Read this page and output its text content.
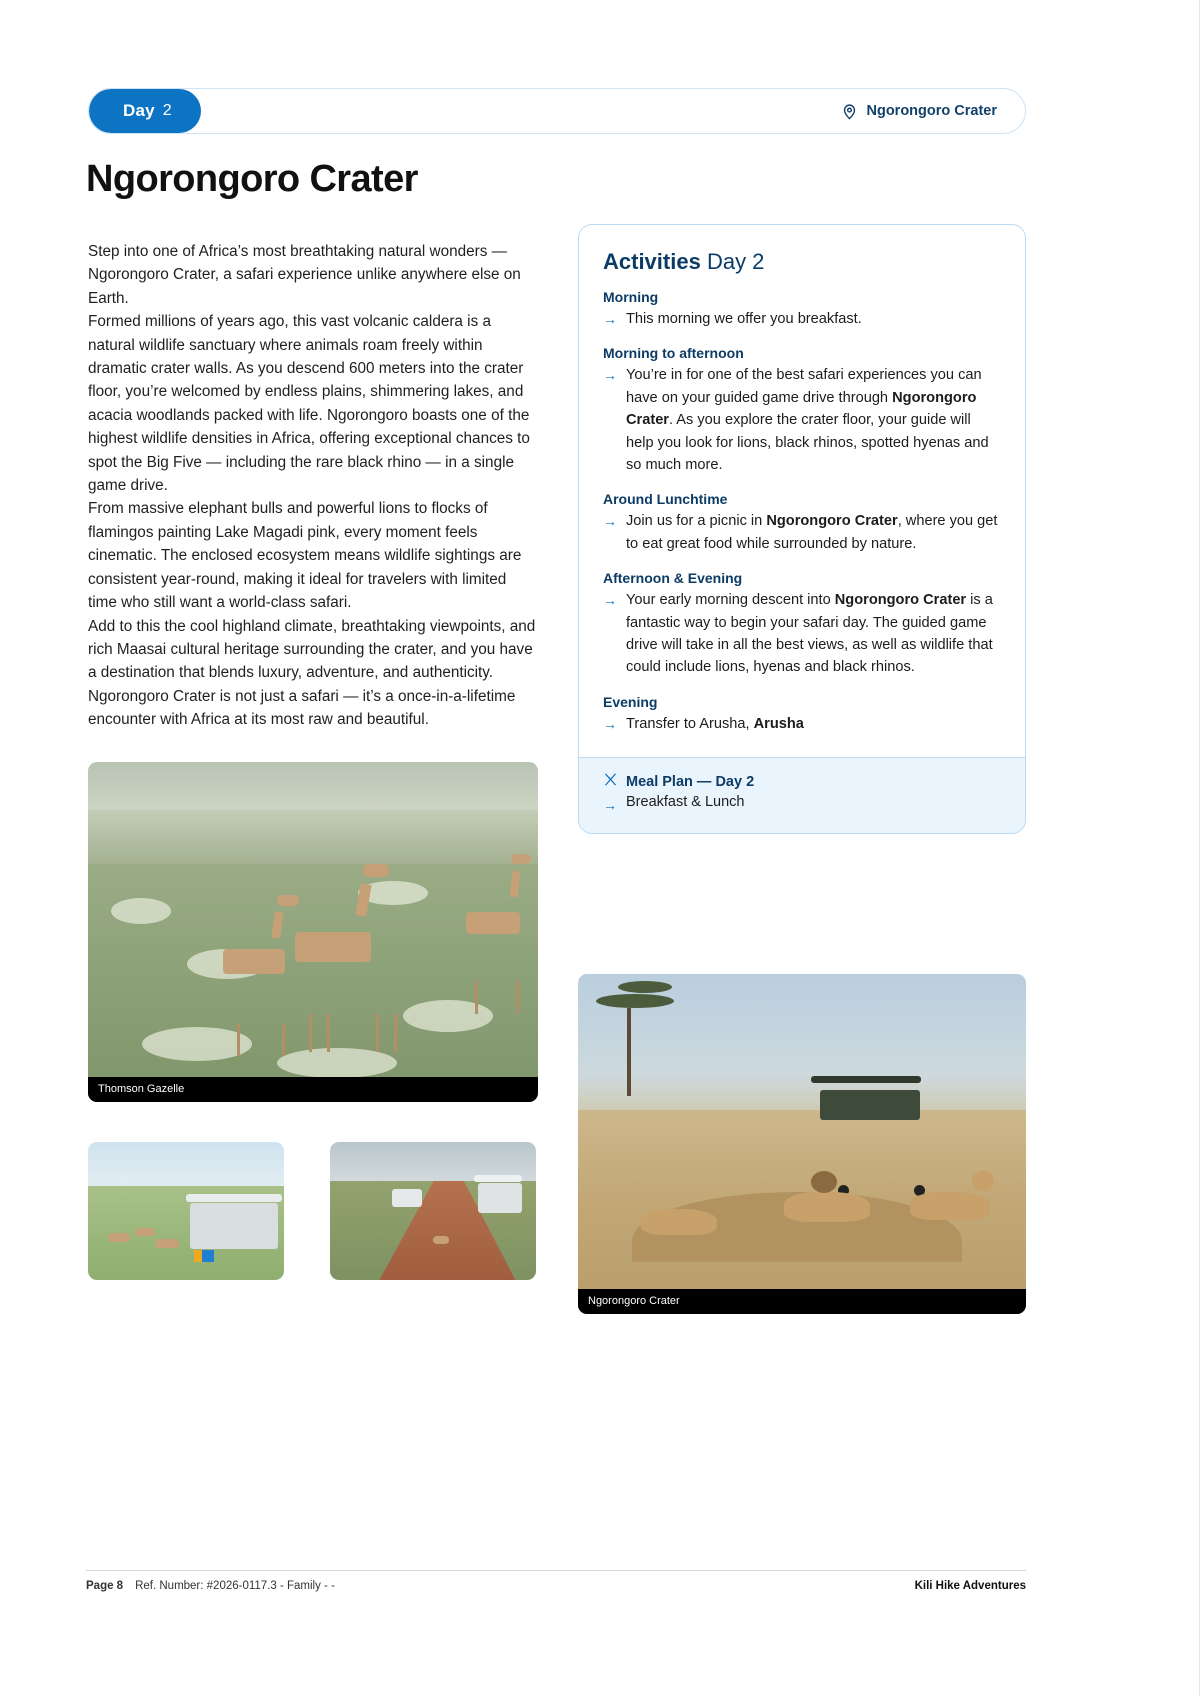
Day 2	Ngorongoro Crater
Ngorongoro Crater

Step into one of Africa’s most breathtaking natural wonders — Ngorongoro Crater, a safari experience unlike anywhere else on Earth.

Formed millions of years ago, this vast volcanic caldera is a natural wildlife sanctuary where animals roam freely within dramatic crater walls. As you descend 600 meters into the crater floor, you’re welcomed by endless plains, shimmering lakes, and acacia woodlands packed with life. Ngorongoro boasts one of the highest wildlife densities in Africa, offering exceptional chances to spot the Big Five — including the rare black rhino — in a single game drive.

From massive elephant bulls and powerful lions to flocks of flamingos painting Lake Magadi pink, every moment feels cinematic. The enclosed ecosystem means wildlife sightings are consistent year-round, making it ideal for travelers with limited time who still want a world-class safari.

Add to this the cool highland climate, breathtaking viewpoints, and rich Maasai cultural heritage surrounding the crater, and you have a destination that blends luxury, adventure, and authenticity. Ngorongoro Crater is not just a safari — it’s a once-in-a-lifetime encounter with Africa at its most raw and beautiful.

Activities Day 2
Morning
→ This morning we offer you breakfast.
Morning to afternoon
→ You’re in for one of the best safari experiences you can have on your guided game drive through Ngorongoro Crater. As you explore the crater floor, your guide will help you look for lions, black rhinos, spotted hyenas and so much more.
Around Lunchtime
→ Join us for a picnic in Ngorongoro Crater, where you get to eat great food while surrounded by nature.
Afternoon & Evening
→ Your early morning descent into Ngorongoro Crater is a fantastic way to begin your safari day. The guided game drive will take in all the best views, as well as wildlife that could include lions, hyenas and black rhinos.
Evening
→ Transfer to Arusha, Arusha
Meal Plan — Day 2
→ Breakfast & Lunch
Thomson Gazelle
Ngorongoro Crater
Page 8 Ref. Number: #2026-0117.3 - Family - -	Kili Hike Adventures
